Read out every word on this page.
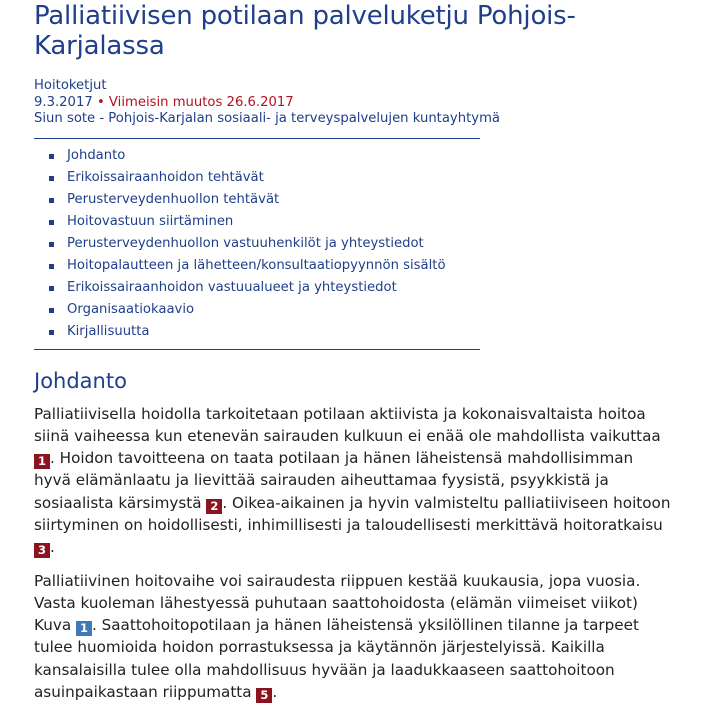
Palliatiivisen potilaan palveluketju Pohjois-Karjalassa
Hoitoketjut
9.3.2017 • Viimeisin muutos 26.6.2017
Siun sote - Pohjois-Karjalan sosiaali- ja terveyspalvelujen kuntayhtymä
Johdanto
Erikoissairaanhoidon tehtävät
Perusterveydenhuollon tehtävät
Hoitovastuun siirtäminen
Perusterveydenhuollon vastuuhenkilöt ja yhteystiedot
Hoitopalautteen ja lähetteen/konsultaatiopyynnön sisältö
Erikoissairaanhoidon vastuualueet ja yhteystiedot
Organisaatiokaavio
Kirjallisuutta
Johdanto

Palliatiivisella hoidolla tarkoitetaan potilaan aktiivista ja kokonaisvaltaista hoitoa siinä vaiheessa kun etenevän sairauden kulkuun ei enää ole mahdollista vaikuttaa 1 . Hoidon tavoitteena on taata potilaan ja hänen läheistensä mahdollisimman hyvä elämänlaatu ja lievittää sairauden aiheuttamaa fyysistä, psyykkistä ja sosiaalista kärsimystä 2 . Oikea-aikainen ja hyvin valmisteltu palliatiiviseen hoitoon siirtyminen on hoidollisesti, inhimillisesti ja taloudellisesti merkittävä hoitoratkaisu 3 .

Palliatiivinen hoitovaihe voi sairaudesta riippuen kestää kuukausia, jopa vuosia. Vasta kuoleman lähestyessä puhutaan saattohoidosta (elämän viimeiset viikot) Kuva 1 . Saattohoitopotilaan ja hänen läheistensä yksilöllinen tilanne ja tarpeet tulee huomioida hoidon porrastuksessa ja käytännön järjestelyissä. Kaikilla kansalaisilla tulee olla mahdollisuus hyvään ja laadukkaaseen saattohoitoon asuinpaikastaan riippumatta 5 .
